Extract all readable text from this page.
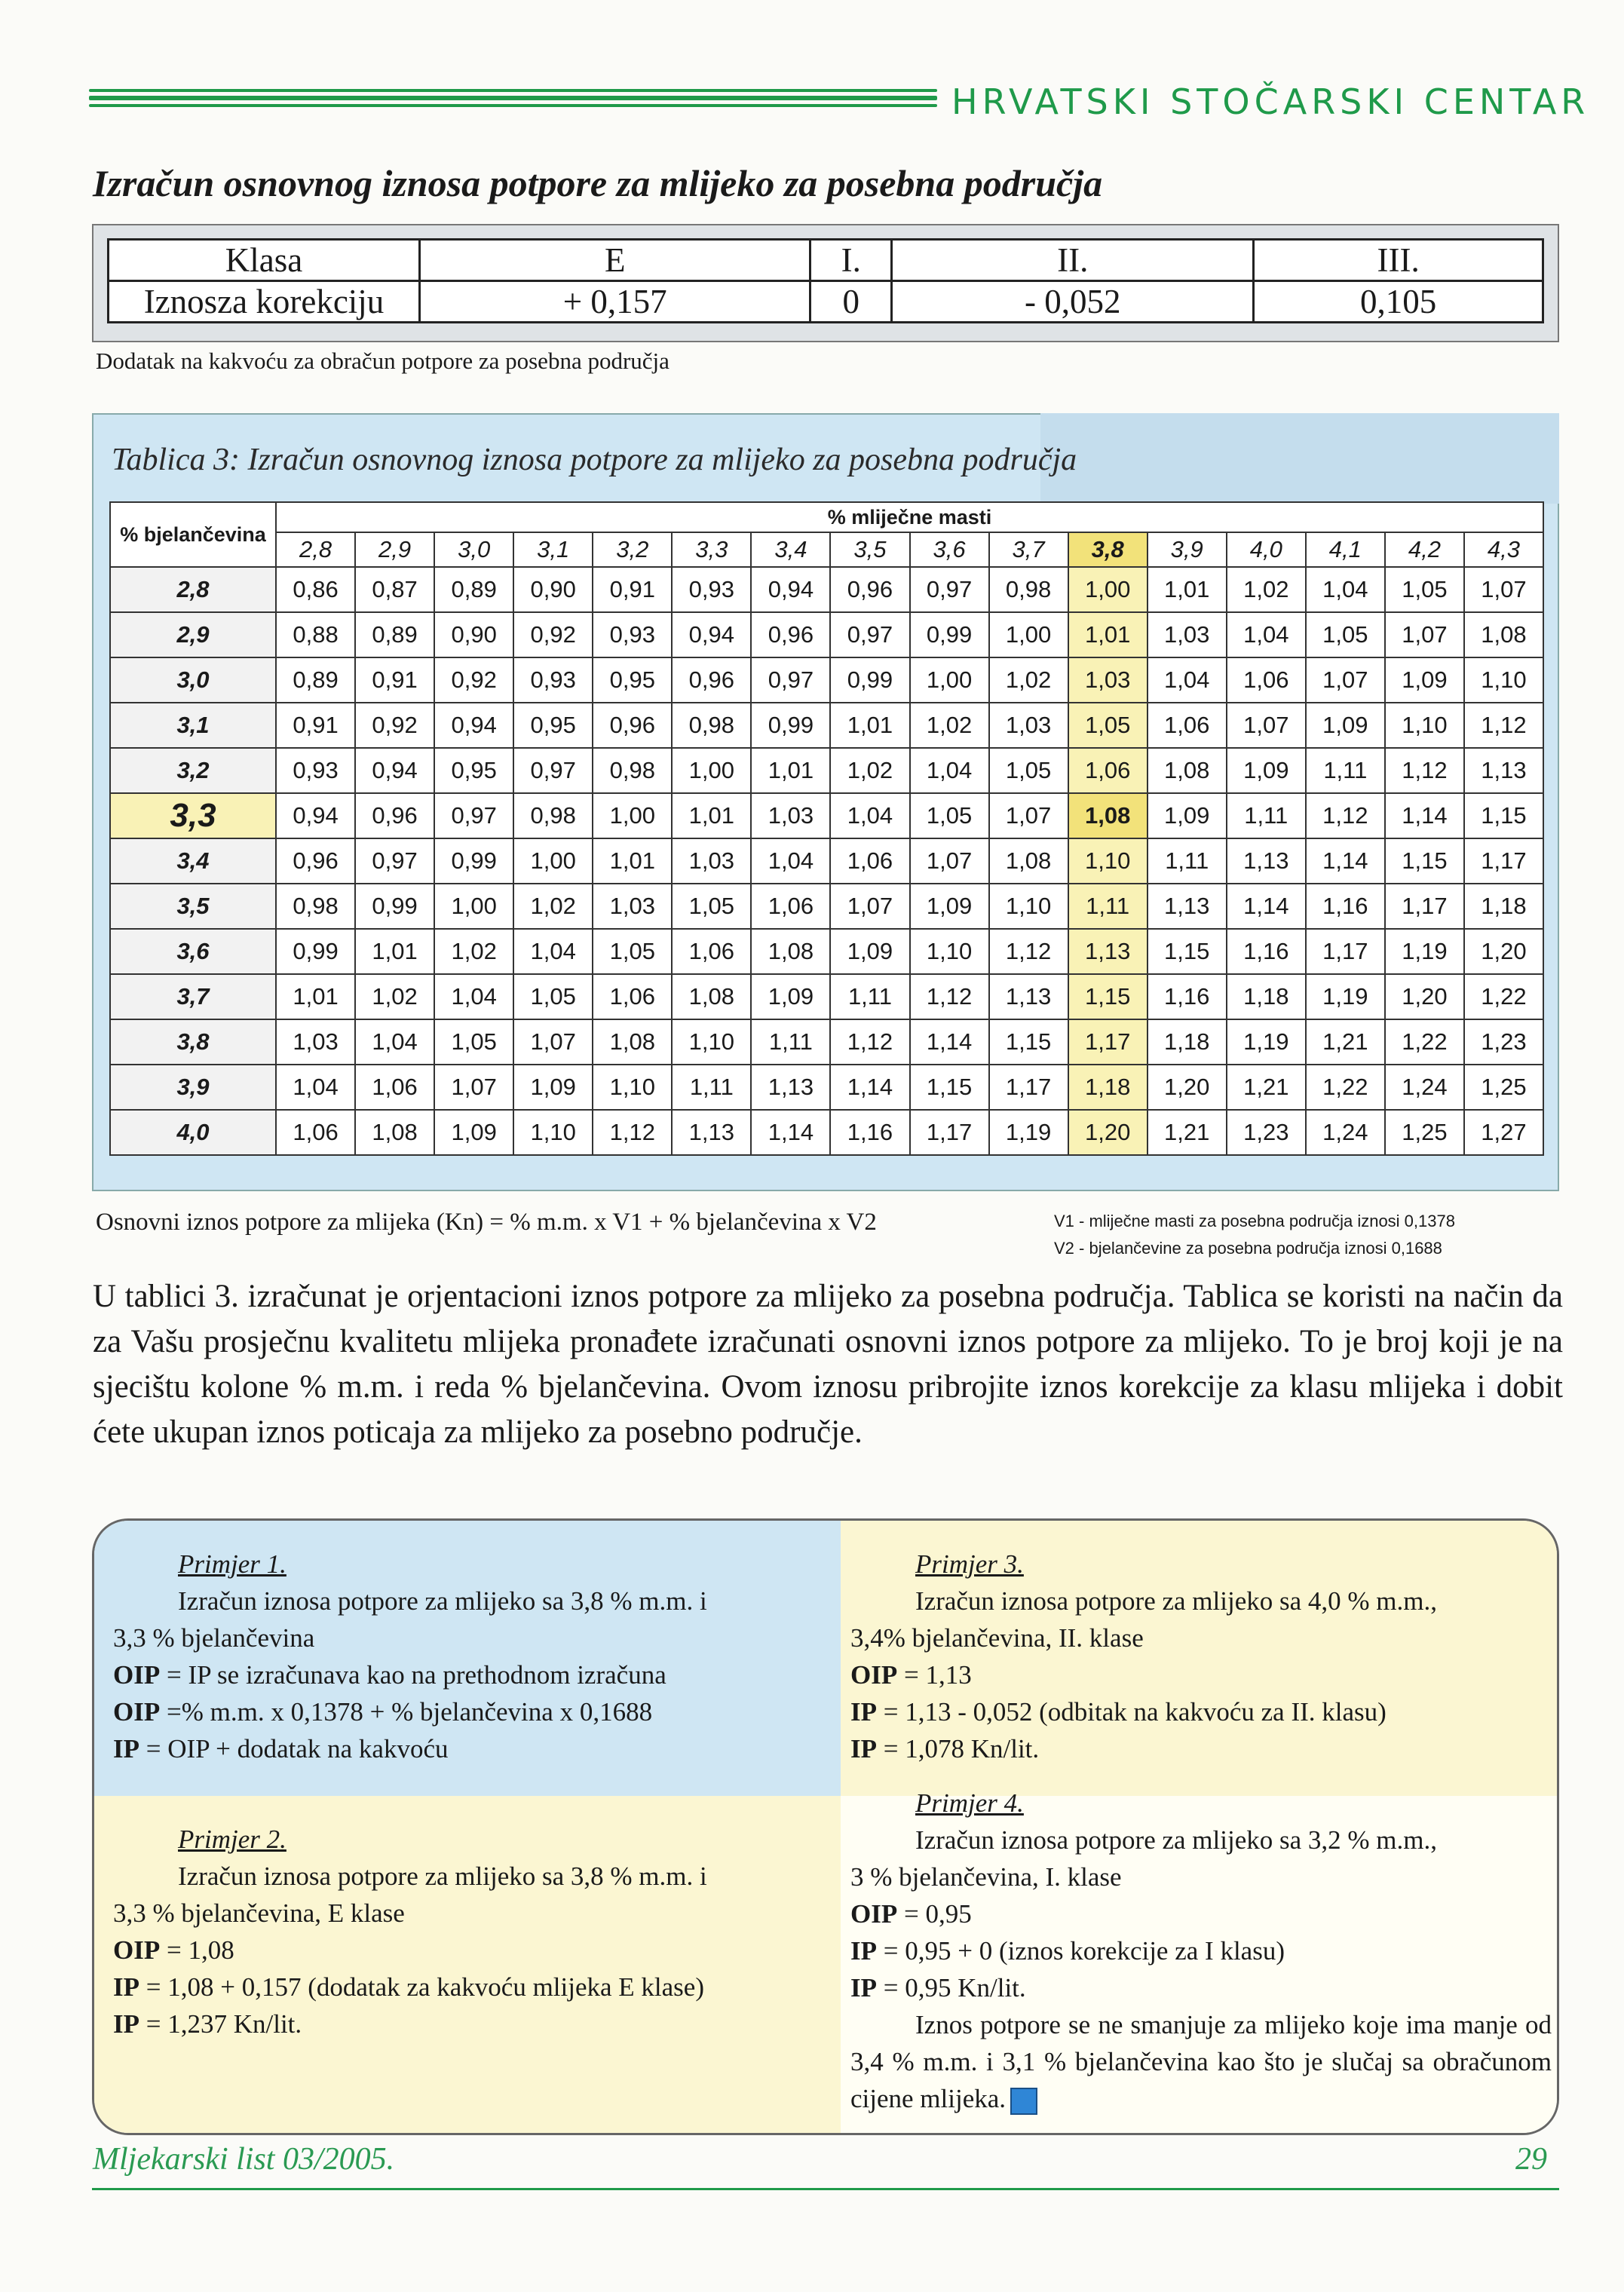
HRVATSKI STOČARSKI CENTAR
Izračun osnovnog iznosa potpore za mlijeko za posebna područja
Klasa	E	I.	II.	III.
Iznosza korekciju	+ 0,157	0	- 0,052	0,105
Dodatak na kakvoću za obračun potpore za posebna područja
Tablica 3: Izračun osnovnog iznosa potpore za mlijeko za posebna područja
% bjelančevina	% mliječne masti															
	2,8	2,9	3,0	3,1	3,2	3,3	3,4	3,5	3,6	3,7	3,8	3,9	4,0	4,1	4,2	4,3
2,8	0,86	0,87	0,89	0,90	0,91	0,93	0,94	0,96	0,97	0,98	1,00	1,01	1,02	1,04	1,05	1,07
2,9	0,88	0,89	0,90	0,92	0,93	0,94	0,96	0,97	0,99	1,00	1,01	1,03	1,04	1,05	1,07	1,08
3,0	0,89	0,91	0,92	0,93	0,95	0,96	0,97	0,99	1,00	1,02	1,03	1,04	1,06	1,07	1,09	1,10
3,1	0,91	0,92	0,94	0,95	0,96	0,98	0,99	1,01	1,02	1,03	1,05	1,06	1,07	1,09	1,10	1,12
3,2	0,93	0,94	0,95	0,97	0,98	1,00	1,01	1,02	1,04	1,05	1,06	1,08	1,09	1,11	1,12	1,13
3,3	0,94	0,96	0,97	0,98	1,00	1,01	1,03	1,04	1,05	1,07	1,08	1,09	1,11	1,12	1,14	1,15
3,4	0,96	0,97	0,99	1,00	1,01	1,03	1,04	1,06	1,07	1,08	1,10	1,11	1,13	1,14	1,15	1,17
3,5	0,98	0,99	1,00	1,02	1,03	1,05	1,06	1,07	1,09	1,10	1,11	1,13	1,14	1,16	1,17	1,18
3,6	0,99	1,01	1,02	1,04	1,05	1,06	1,08	1,09	1,10	1,12	1,13	1,15	1,16	1,17	1,19	1,20
3,7	1,01	1,02	1,04	1,05	1,06	1,08	1,09	1,11	1,12	1,13	1,15	1,16	1,18	1,19	1,20	1,22
3,8	1,03	1,04	1,05	1,07	1,08	1,10	1,11	1,12	1,14	1,15	1,17	1,18	1,19	1,21	1,22	1,23
3,9	1,04	1,06	1,07	1,09	1,10	1,11	1,13	1,14	1,15	1,17	1,18	1,20	1,21	1,22	1,24	1,25
4,0	1,06	1,08	1,09	1,10	1,12	1,13	1,14	1,16	1,17	1,19	1,20	1,21	1,23	1,24	1,25	1,27
Osnovni iznos potpore za mlijeka (Kn) = % m.m. x V1 + % bjelančevina x V2	V1 - mliječne masti za posebna područja iznosi 0,1378
V2 - bjelančevine za posebna područja iznosi 0,1688
U tablici 3. izračunat je orjentacioni iznos potpore za mlijeko za posebna područja. Tablica se koristi na način da za Vašu prosječnu kvalitetu mlijeka pronađete izračunati osnovni iznos potpore za mlijeko. To je broj koji je na sjecištu kolone % m.m. i reda % bjelančevina. Ovom iznosu pribrojite iznos korekcije za klasu mlijeka i dobit ćete ukupan iznos poticaja za mlijeko za posebno područje.

Primjer 1.

Izračun iznosa potpore za mlijeko sa 3,8 % m.m. i

3,3 % bjelančevina

OIP = IP se izračunava kao na prethodnom izračuna

OIP =% m.m. x 0,1378 + % bjelančevina x 0,1688

IP = OIP + dodatak na kakvoću

Primjer 2.

Izračun iznosa potpore za mlijeko sa 3,8 % m.m. i

3,3 % bjelančevina, E klase

OIP = 1,08

IP = 1,08 + 0,157 (dodatak za kakvoću mlijeka E klase)

IP = 1,237 Kn/lit.

Primjer 3.

Izračun iznosa potpore za mlijeko sa 4,0 % m.m.,

3,4% bjelančevina, II. klase

OIP = 1,13

IP = 1,13 - 0,052 (odbitak na kakvoću za II. klasu)

IP = 1,078 Kn/lit.

Primjer 4.

Izračun iznosa potpore za mlijeko sa 3,2 % m.m.,

3 % bjelančevina, I. klase

OIP = 0,95

IP = 0,95 + 0 (iznos korekcije za I klasu)

IP = 0,95 Kn/lit.

Iznos potpore se ne smanjuje za mlijeko koje ima manje od 3,4 % m.m. i 3,1 % bjelančevina kao što je slučaj sa obračunom cijene mlijeka.

Mljekarski list 03/2005.	29
